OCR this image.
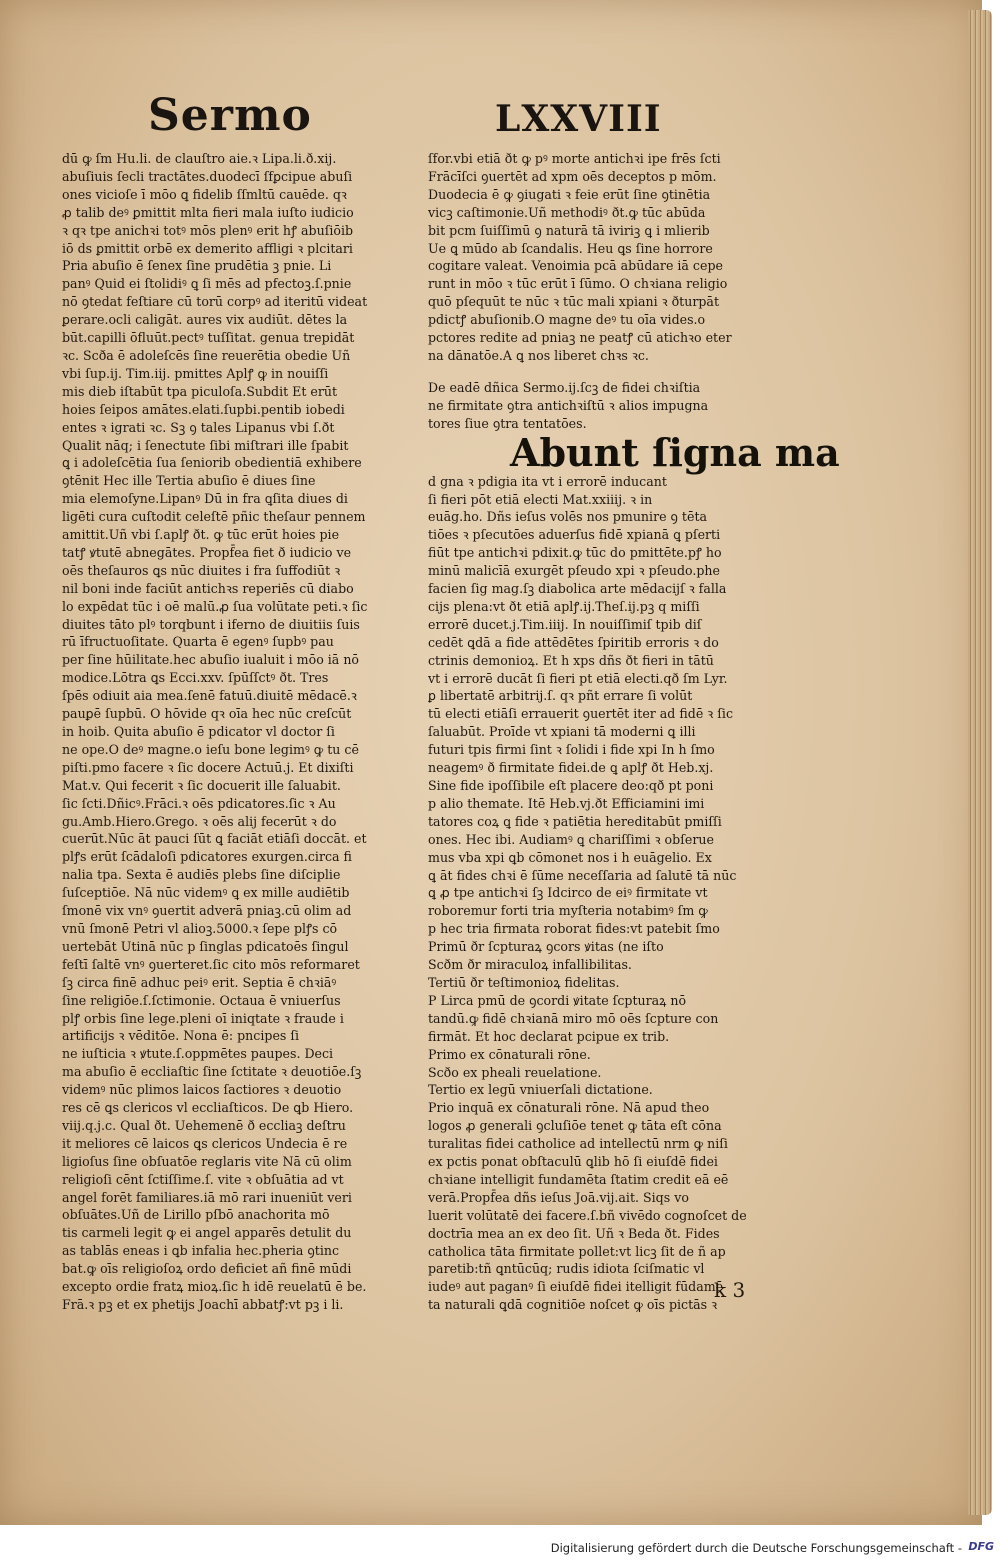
Sermo	LXXVIII
dū ꝙ ſm Hu.li. de clauſtro aie.ꝛ Lipa.li.ð.xij.
abuſiuis ſecli tractātes.duodecī ſfꝑcipue abuſi
ones vicioſe ī mōo ꝗ fidelib ſſmltū cauēde. qꝛ
ꝓ talib deꝰ ꝑmittit mlta fieri mala iuſto iudicio
ꝛ qꝛ tpe anichꝛi totꝰ mōs plenꝰ erit hꝭ abuſiōib
iō ds ꝑmittit orbē ex demerito affligi ꝛ plcitari
Pria abuſio ē ſenex ſine prudētia ꝫ pnie. Li
panꝰ Quid ei ſtolidiꝰ ꝗ ſi mēs ad pfectoꝫ.ſ.pnie
nō ꝯtedat feſtiare cū torū corpꝰ ad iteritū videat
ꝑerare.ocli caligāt. aures vix audiūt. dētes la
būt.capilli ōfluūt.pectꝰ tuſſitat. genua trepidāt
ꝛc. Scða ē adoleſcēs ſine reuerētia obedie Uñ
vbi ſup.ij. Tim.iij. pmittes Aplꝭ ꝙ in nouiſſi
mis dieb iſtabūt tpa piculoſa.Subdit Et erūt
hoies ſeipos amātes.elati.ſupbi.pentib iobedi
entes ꝛ igrati ꝛc. Sꝫ ꝯ tales Lipanus vbi ſ.ðt
Qualit nāq; i ſenectute ſibi miſtrari ille ſpabit
ꝗ i adoleſcētia ſua ſeniorib obedientiā exhibere
ꝯtēnit Hec ille Tertia abuſio ē diues ſine
mia elemoſyne.Lipanꝰ Dū in fra ꝗſita diues di
ligēti cura cuſtodit celeſtē pñic theſaur pennem
amittit.Uñ vbi ſ.aplꝭ ðt. ꝙ tūc erūt hoies pie
tatꝭ ꝟtutē abnegātes. Propf̄ea fiet ð iudicio ve
oēs theſauros ꝗs nūc diuites i fra ſuffodiūt ꝛ
nil boni inde faciūt antichꝛs reperiēs cū diabo
lo expēdat tūc i oē malū.ꝓ ſua volūtate peti.ꝛ ſic
diuites tāto plꝰ torqbunt i iferno de diuitiis ſuis
rū īfructuoſitate. Quarta ē egenꝰ ſupbꝰ pau
per ſine hūilitate.hec abuſio iualuit i mōo iā nō
modice.Lōtra ꝗs Ecci.xxv. ſpūſſctꝰ ðt. Tres
ſpēs odiuit aia mea.ſenē fatuū.diuitē mēdacē.ꝛ
pauꝑē ſupbū. O hōvide qꝛ oīa hec nūc creſcūt
in hoib. Quita abuſio ē pdicator vl doctor ſi
ne ope.O deꝰ magne.o ieſu bone legimꝰ ꝙ tu cē
piſti.pmo facere ꝛ ſic docere Actuū.j. Et dixiſti
Mat.v. Qui fecerit ꝛ ſic docuerit ille ſaluabit.
ſic ſcti.Dñicꝰ.Frāci.ꝛ oēs pdicatores.ſic ꝛ Au
gu.Amb.Hiero.Grego. ꝛ oēs alij fecerūt ꝛ do
cuerūt.Nūc āt pauci ſūt ꝗ faciāt etiāſi doccāt. et
plꝭs erūt ſcādaloſi pdicatores exurgen.circa fi
nalia tpa. Sexta ē audiēs plebs ſine diſciplie
ſuſceptiōe. Nā nūc videmꝰ ꝗ ex mille audiētib
ſmonē vix vnꝰ ꝯuertit adverā pniaꝫ.cū olim ad
vnū ſmonē Petri vl alioꝫ.5000.ꝛ ſepe plꝭs cō
uertebāt Utinā nūc p ſinglas pdicatoēs ſingul
feſtī ſaltē vnꝰ ꝯuerteret.ſic cito mōs reformaret
ſꝫ circa finē adhuc peiꝰ erit. Septia ē chꝛiāꝰ
ſine religiōe.ſ.ſctimonie. Octaua ē vniuerſus
plꝭ orbis ſine lege.pleni oī iniqtate ꝛ fraude i
artificijs ꝛ vēditōe. Nona ē: pncipes ſi
ne iuſticia ꝛ ꝟtute.ſ.oppmētes paupes. Deci
ma abuſio ē eccliaſtic ſine ſctitate ꝛ deuotiōe.ſꝫ
videmꝰ nūc plimos laicos ſactiores ꝛ deuotio
res cē ꝗs clericos vl eccliaſticos. De ꝗb Hiero.
viij.q.j.c. Qual ðt. Uehemenē ð eccliaꝫ deſtru
it meliores cē laicos ꝗs clericos Undecia ē re
ligioſus ſine obſuatōe reglaris vite Nā cū olim
religioſi cēnt ſctiſſime.ſ. vite ꝛ obſuātia ad vt
angel forēt familiares.iā mō rari inueniūt veri
obſuātes.Uñ de Lirillo pſbō anachorita mō
tis carmeli legit ꝙ ei angel apparēs detulit du
as tablās eneas i ꝗb infalia hec.pheria ꝯtinc
bat.ꝙ oīs religioſoꝝ ordo deficiet añ finē mūdi
excepto ordie fratꝝ mioꝝ.ſic h idē reuelatū ē be.
Frā.ꝛ pꝫ et ex phetijs Joachī abbatꝭ:vt pꝫ i li.
ſfor.vbi etiā ðt ꝙ pꝰ morte antichꝛi ipe frēs ſcti
Frācīſci ꝯuertēt ad xpm oēs deceptos p mōm.
Duodecia ē ꝙ ꝯiugati ꝛ feie erūt ſine ꝯtinētia
vicꝫ caſtimonie.Uñ methodiꝰ ðt.ꝙ tūc abūda
bit pcm ſuiſſimū ꝯ naturā tā iviriꝫ ꝗ i mlierib
Ue ꝗ mūdo ab ſcandalis. Heu ꝗs ſine horrore
cogitare valeat. Venoimia pcā abūdare iā cepe
runt in mōo ꝛ tūc erūt ī ſūmo. O chꝛiana religio
quō pſequūt te nūc ꝛ tūc mali xpiani ꝛ ðturpāt
pdictꝭ abuſionib.O magne deꝰ tu oīa vides.o
pctores redite ad pniaꝫ ne peatꝭ cū atichꝛo eter
na dānatōe.A ꝗ nos liberet chꝛs ꝛc.
De eadē dñica Sermo.ij.ſcꝫ de fidei chꝛiſtia
ne firmitate ꝯtra antichꝛiſtū ꝛ alios impugna
tores ſiue ꝯtra tentatōes.
Abunt ſigna ma
d gna ꝛ pdigia ita vt i errorē inducant
ſi fieri pōt etiā electi Mat.xxiiij. ꝛ in
euāg.ho. Dñs ieſus volēs nos pmunire ꝯ tēta
tiōes ꝛ pſecutōes aduerſus fidē xpianā ꝗ pſerti
fiūt tpe antichꝛi pdixit.ꝙ tūc do pmittēte.pꝭ ho
minū malicīā exurgēt pſeudo xpi ꝛ pſeudo.phe
facien ſig mag.ſꝫ diabolica arte mēdacijſ ꝛ falla
cijs plena:vt ðt etiā aplꝭ.ij.Theſ.ij.pꝫ q miſſi
errorē ducet.j.Tim.iiij. In nouiſſimiſ tpib diſ
cedēt ꝗdā a fide attēdētes ſpiritib erroris ꝛ do
ctrinis demonioꝝ. Et h xps dñs ðt fieri in tātū
vt i errorē ducāt ſi fieri pt etiā electi.qð ſm Lyr.
ꝑ libertatē arbitrij.ſ. qꝛ pñt errare ſi volūt
tū electi etiāſi errauerit ꝯuertēt iter ad fidē ꝛ ſic
ſaluabūt. Proīde vt xpiani tā moderni ꝗ illi
futuri tpis firmi ſint ꝛ ſolidi i fide xpi In h ſmo
neagemꝰ ð firmitate fidei.de ꝗ aplꝭ ðt Heb.xj.
Sine fide ipoſſibile eſt placere deo:qð pt poni
p alio themate. Itē Heb.vj.ðt Efficiamini imi
tatores coꝝ ꝗ fide ꝛ patiētia hereditabūt pmiſſi
ones. Hec ibi. Audiamꝰ ꝗ chariſſimi ꝛ obſerue
mus vba xpi ꝗb cōmonet nos i h euāgelio. Ex
ꝗ āt fides chꝛi ē ſūme neceſſaria ad ſalutē tā nūc
ꝗ ꝓ tpe antichꝛi ſꝫ Idcirco de eiꝰ firmitate vt
roboremur forti tria myſteria notabimꝰ ſm ꝙ
p hec tria firmata roborat fides:vt patebit ſmo
Primū ðr ſcpturaꝝ ꝯcors ꝟitas (ne iſto
Scðm ðr miraculoꝝ infallibilitas.
Tertiū ðr teſtimonioꝝ fidelitas.
P Lirca pmū de ꝯcordi ꝟitate ſcpturaꝝ nō
tandū.ꝙ fidē chꝛianā miro mō oēs ſcpture con
firmāt. Et hoc declarat pcipue ex trib.
Primo ex cōnaturali rōne.
Scðo ex pheali reuelatione.
Tertio ex legū vniuerſali dictatione.
Prio inquā ex cōnaturali rōne. Nā apud theo
logos ꝓ generali ꝯcluſiōe tenet ꝙ tāta eſt cōna
turalitas fidei catholice ad intellectū nrm ꝙ niſi
ex pctis ponat obſtaculū ꝗlib hō ſi eiuſdē fidei
chꝛiane intelligit fundamēta ſtatim credit eā eē
verā.Propf̄ea dñs ieſus Joā.vij.ait. Siqs vo
luerit volūtatē dei facere.ſ.bñ vivēdo cognoſcet de
doctrīa mea an ex deo ſit. Uñ ꝛ Beda ðt. Fides
catholica tāta firmitate pollet:vt licꝫ ſit de ñ ap
paretib:tñ ꝗntūcūq; rudis idiota ſciſmatic vl
iudeꝰ aut paganꝰ ſi eiuſdē fidei itelligit fūdamē
ta naturali ꝗdā cognitiōe noſcet ꝙ oīs pictās ꝛ
k 3
Digitalisierung gefördert durch die Deutsche Forschungsgemeinschaft - DFG
